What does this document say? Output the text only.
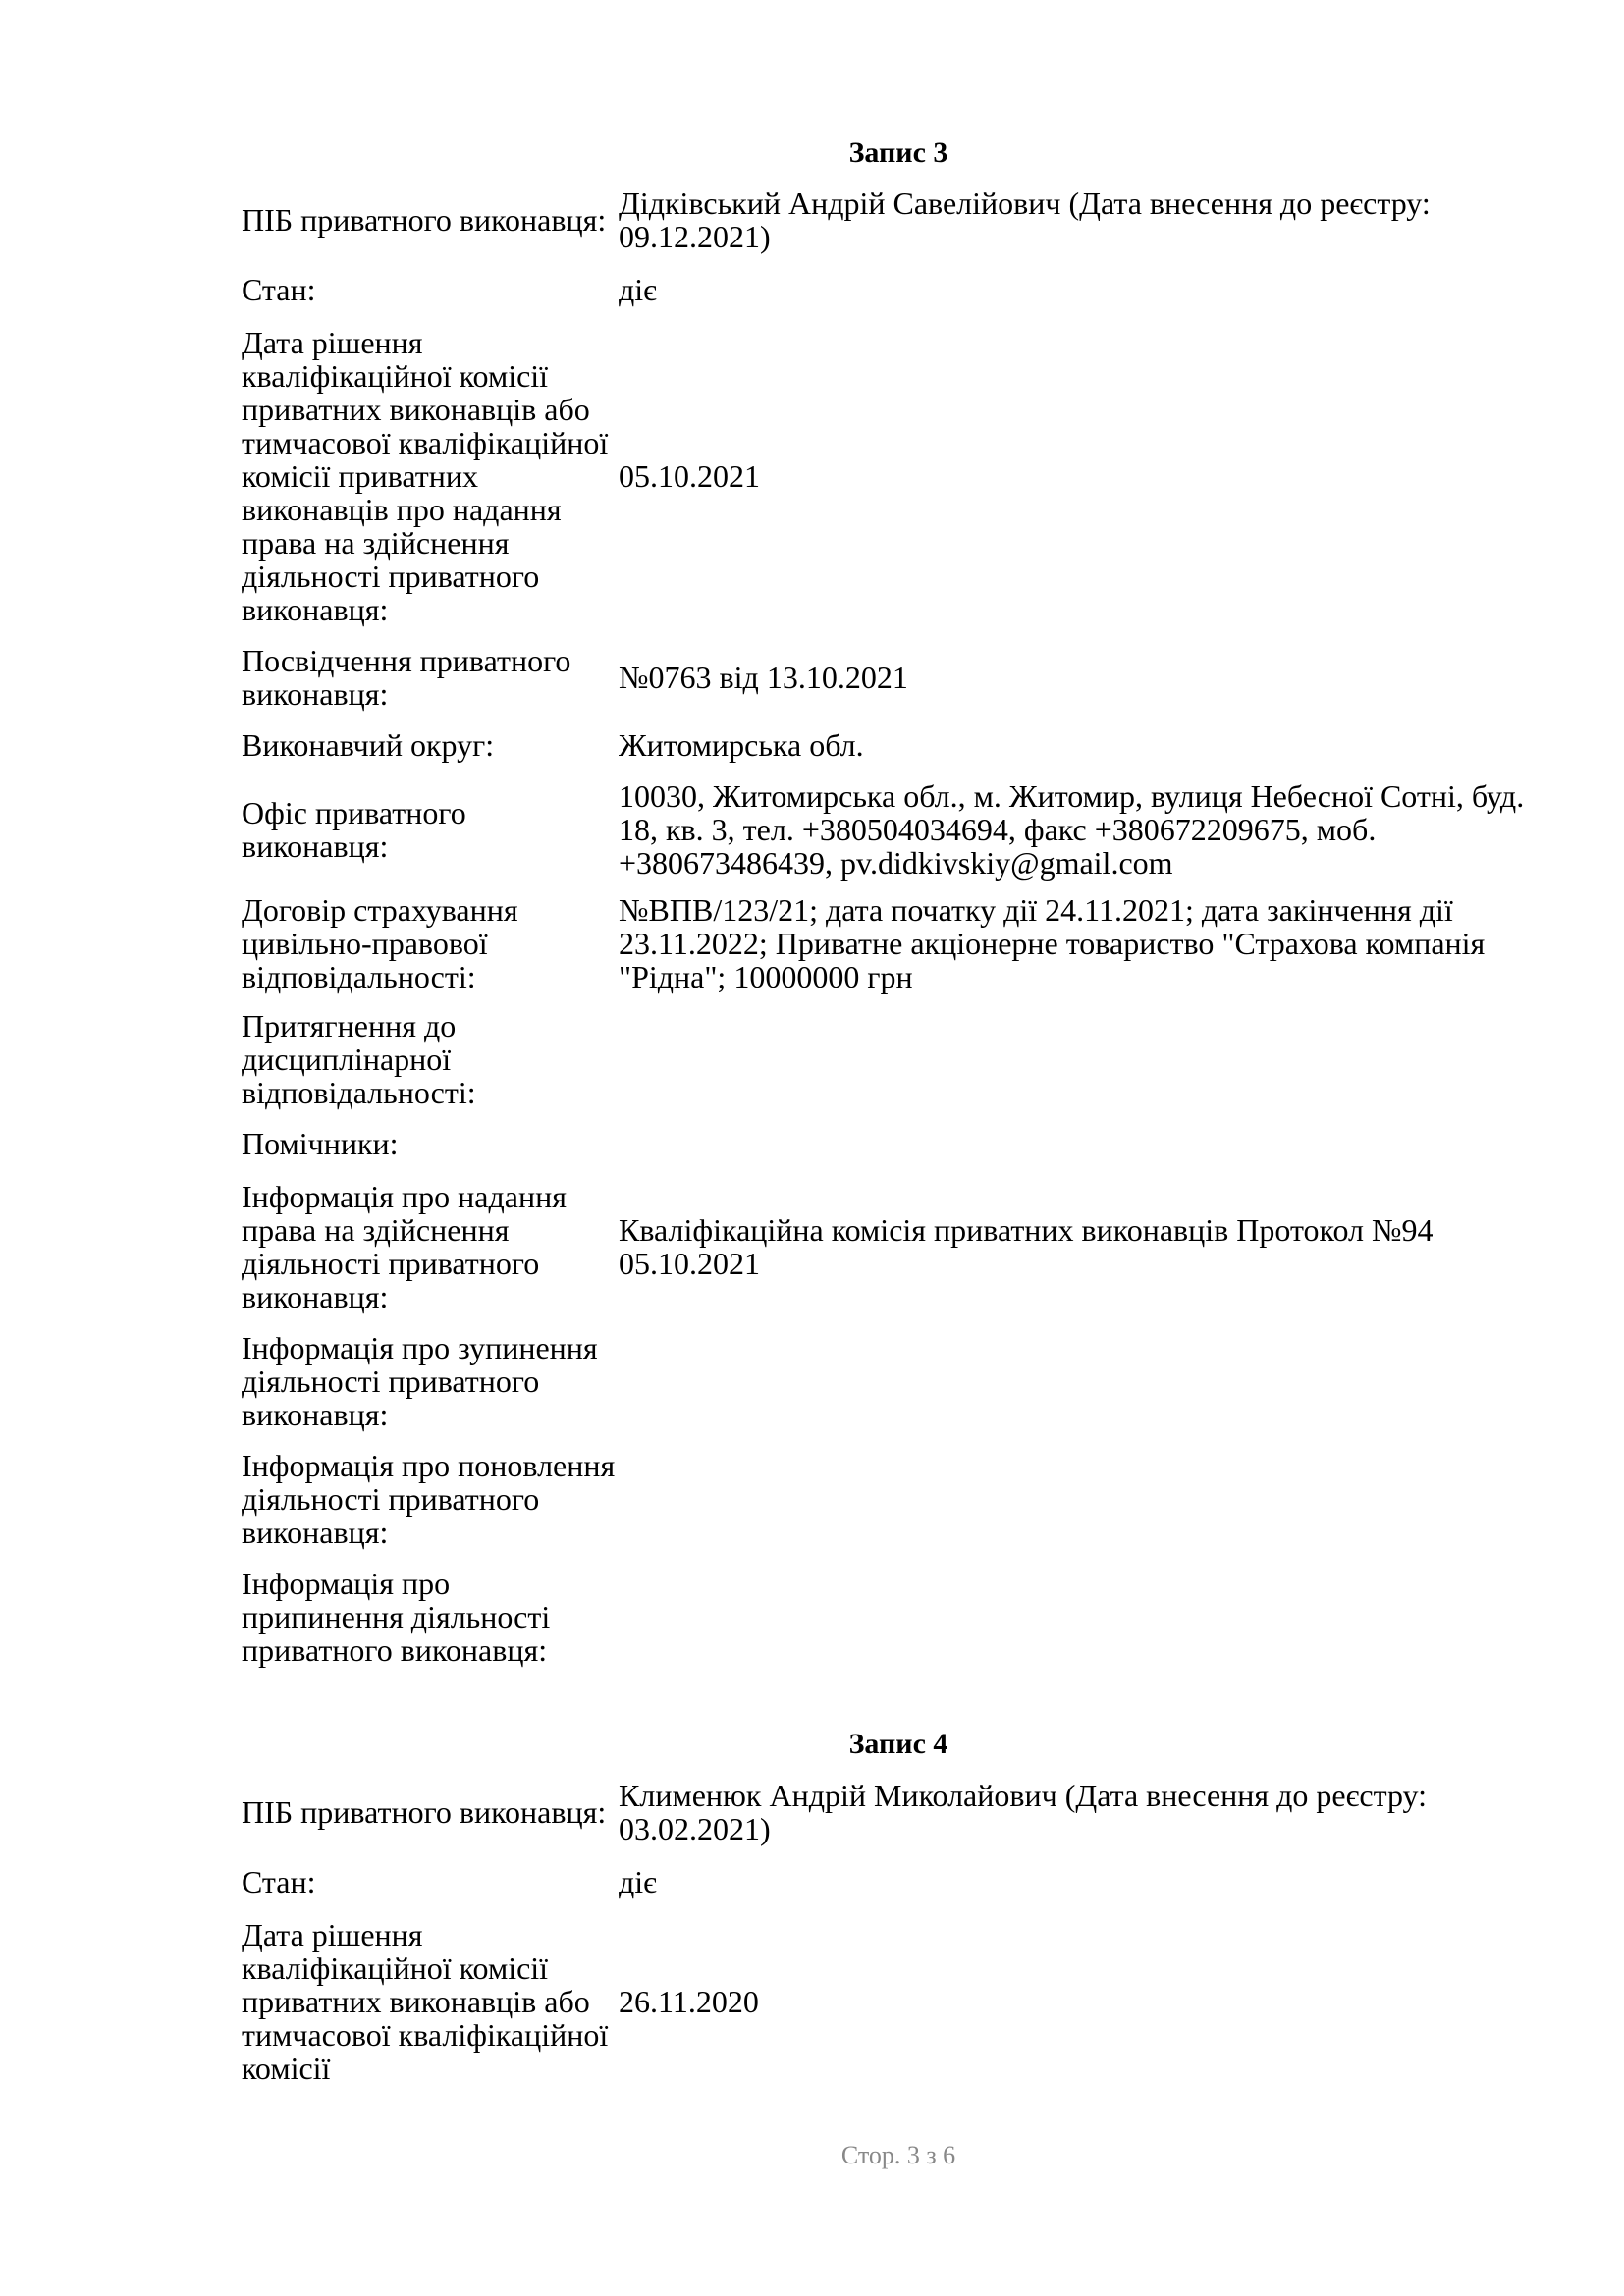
Запис 3
ПІБ приватного виконавця: Дідківський Андрій Савелійович (Дата внесення до реєстру: 09.12.2021)
Стан:	діє
Дата рішення кваліфікаційної комісії приватних виконавців або тимчасової кваліфікаційної комісії приватних виконавців про надання права на здійснення діяльності приватного виконавця:
05.10.2021
Посвідчення приватного виконавця:	№0763 від 13.10.2021
Виконавчий округ:	Житомирська обл.
Офіс приватного виконавця:
10030, Житомирська обл., м. Житомир, вулиця Небесної Сотні, буд. 18, кв. 3, тел. +380504034694, факс +380672209675, моб. +380673486439, pv.didkivskiy@gmail.com
Договір страхування цивільно-правової відповідальності:
№ВПВ/123/21; дата початку дії 24.11.2021; дата закінчення дії 23.11.2022; Приватне акціонерне товариство "Страхова компанія "Рідна"; 10000000 грн
Притягнення до дисциплінарної відповідальності:
Помічники:
Інформація про надання права на здійснення діяльності приватного виконавця:
Кваліфікаційна комісія приватних виконавців Протокол №94 05.10.2021
Інформація про зупинення діяльності приватного виконавця:
Інформація про поновлення діяльності приватного виконавця:
Інформація про припинення діяльності приватного виконавця:
Запис 4
ПІБ приватного виконавця: Клименюк Андрій Миколайович (Дата внесення до реєстру: 03.02.2021)
Стан:	діє
Дата рішення кваліфікаційної комісії приватних виконавців або тимчасової кваліфікаційної комісії
26.11.2020
Стор. 3 з 6
